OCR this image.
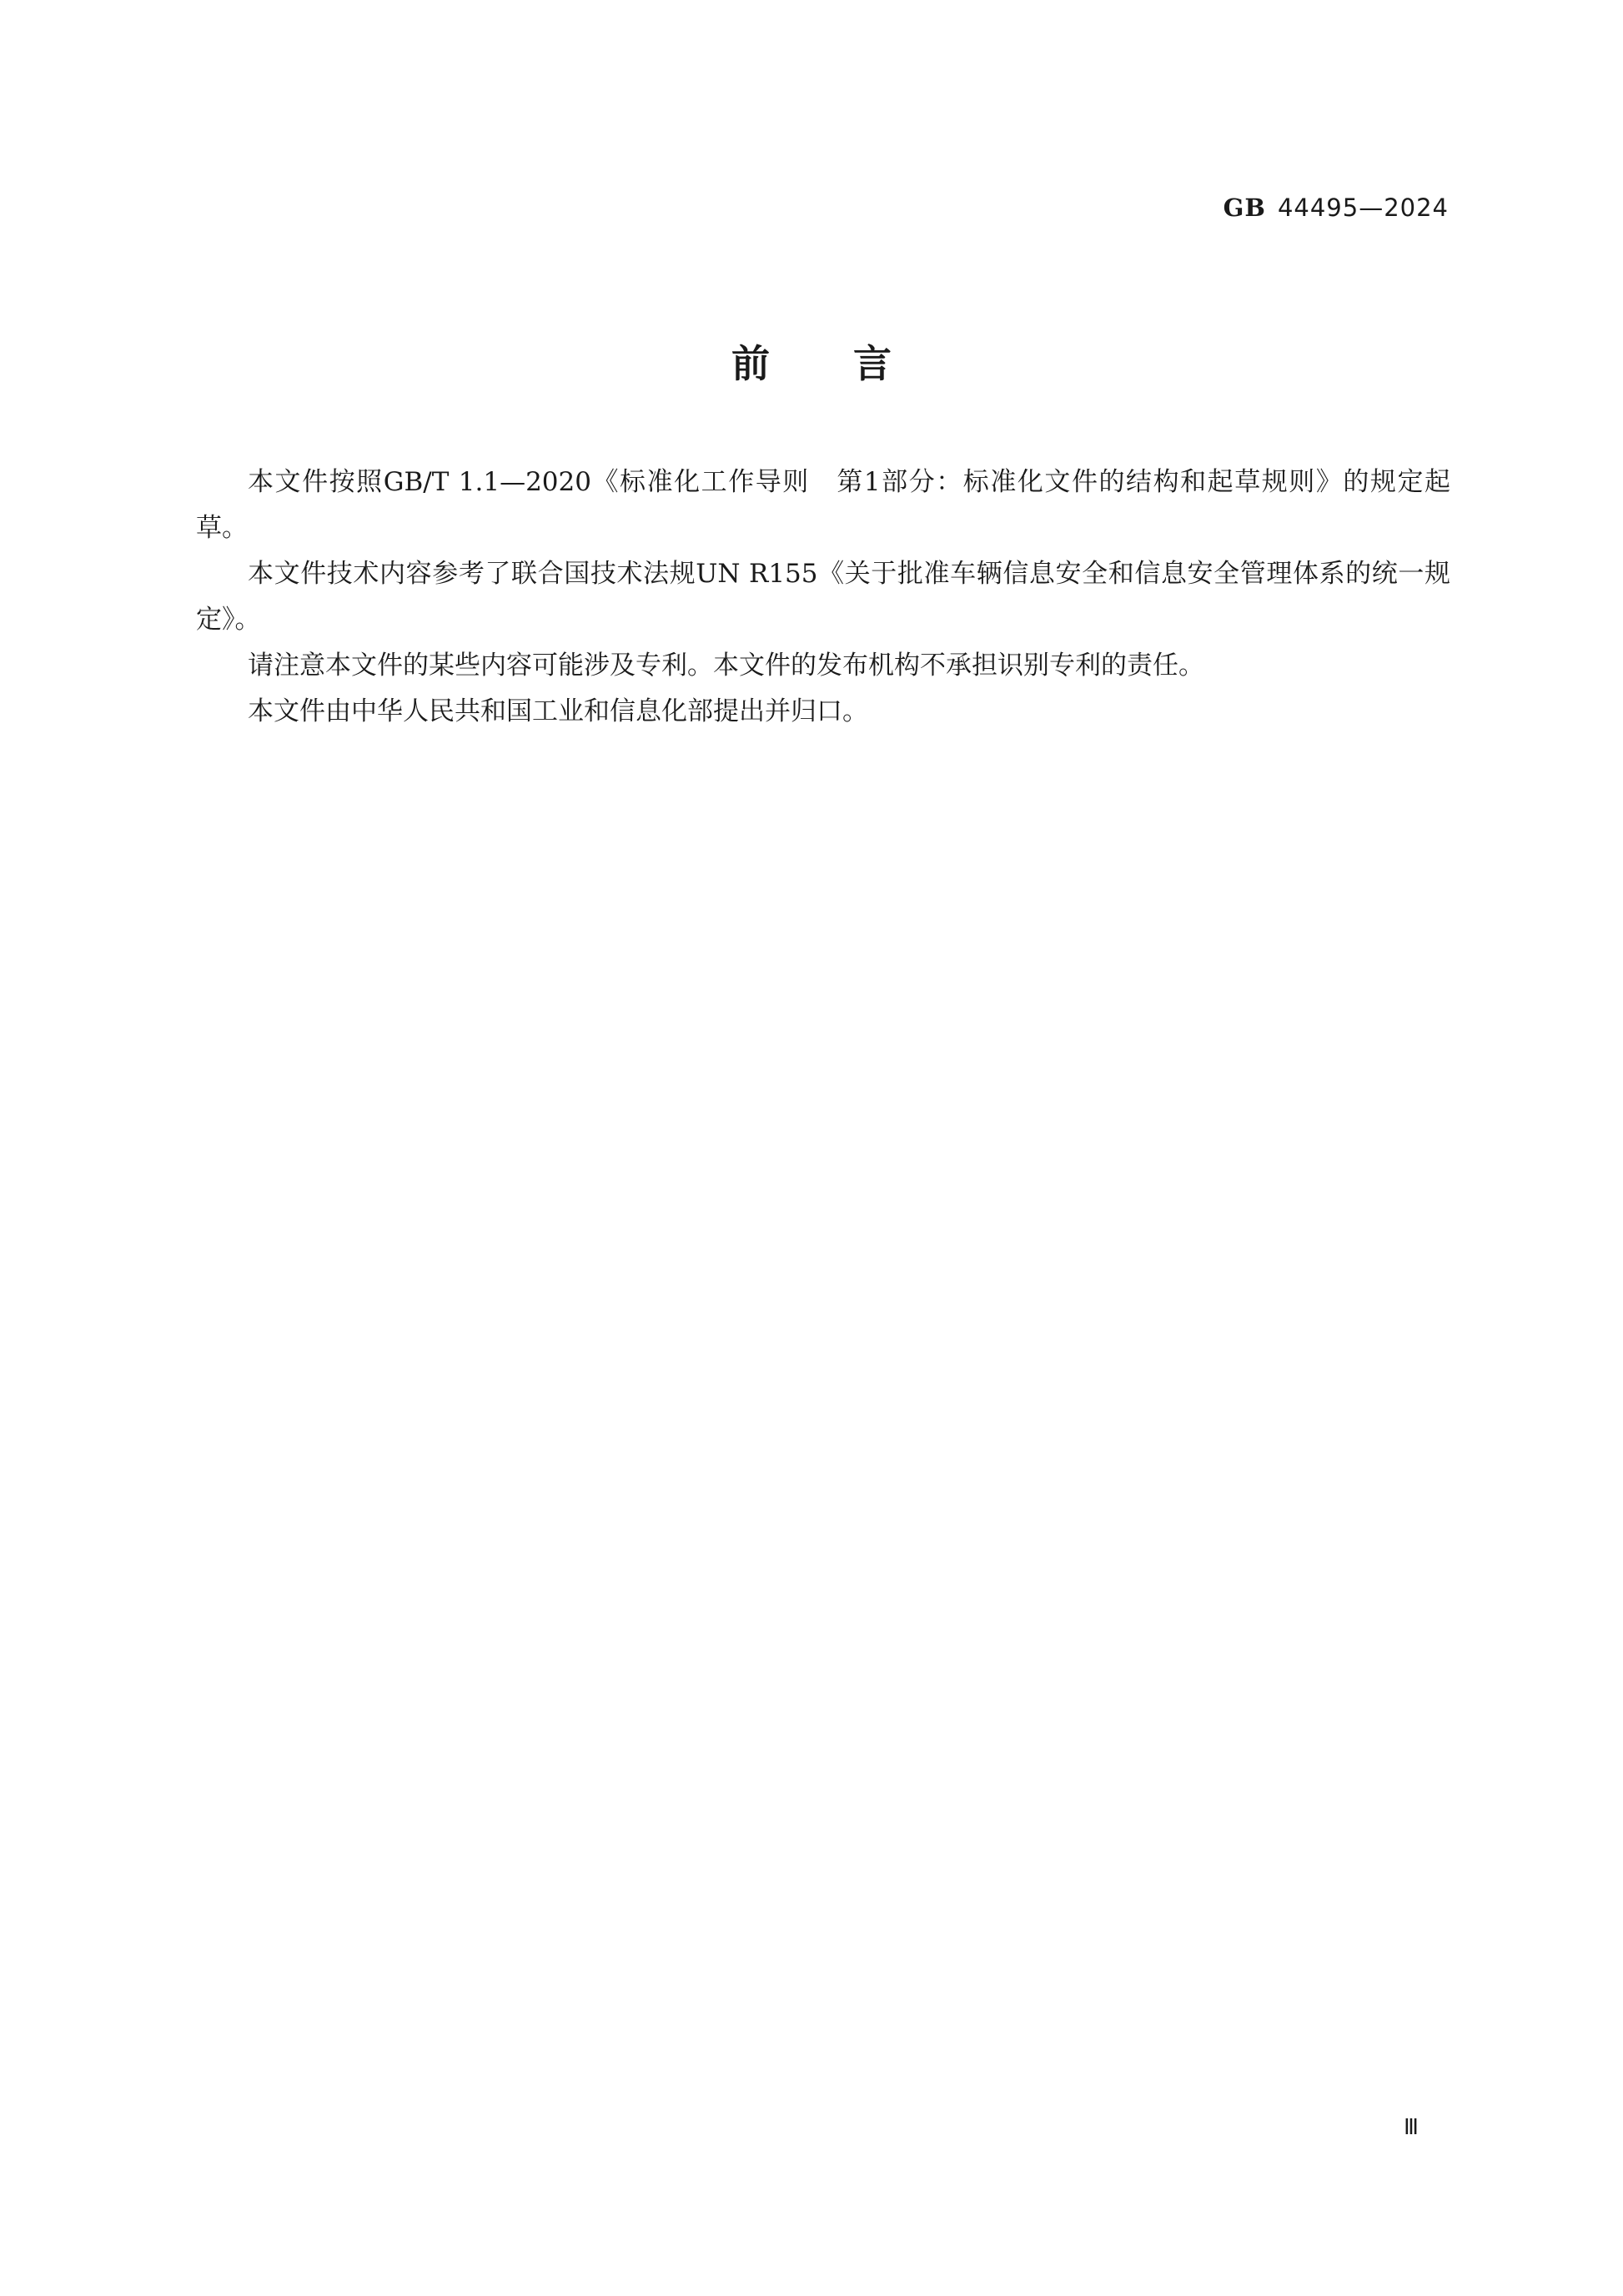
GB 44495—2024
前言

本文件按照GB/T 1.1—2020《标准化工作导则　第1部分：标准化文件的结构和起草规则》的规定起草。

本文件技术内容参考了联合国技术法规UN R155《关于批准车辆信息安全和信息安全管理体系的统一规定》。

请注意本文件的某些内容可能涉及专利。本文件的发布机构不承担识别专利的责任。

本文件由中华人民共和国工业和信息化部提出并归口。

Ⅲ
